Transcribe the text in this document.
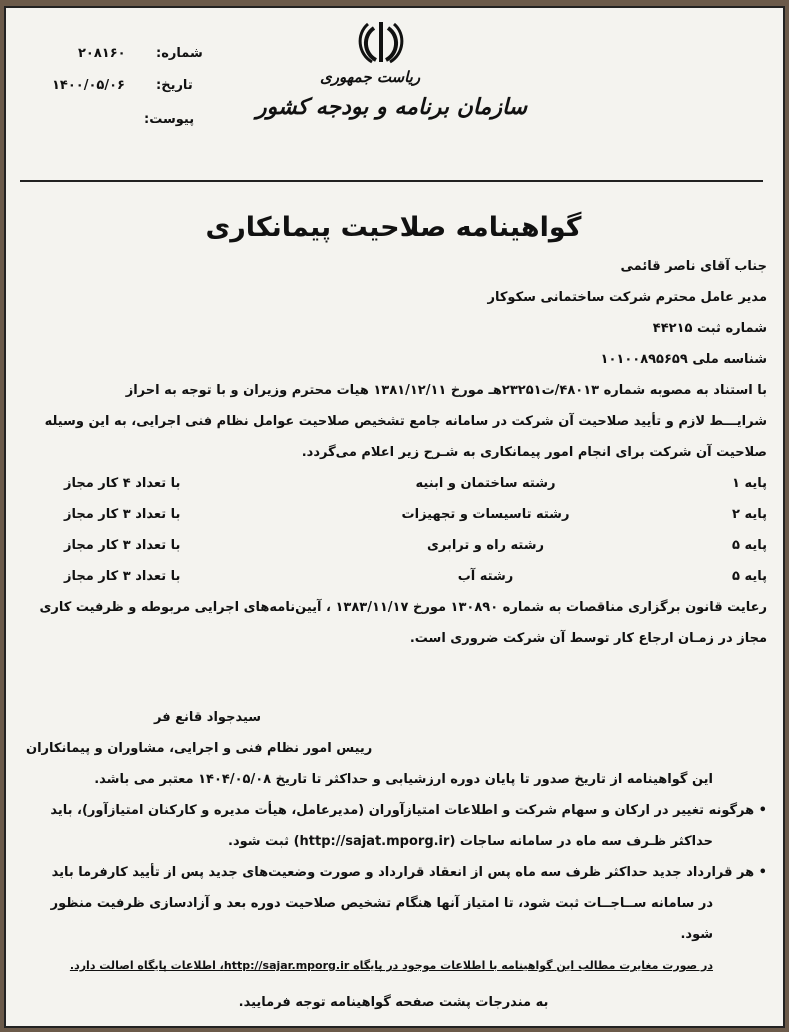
ریاست جمهوری
سازمان برنامه و بودجه کشور
شماره:
۲۰۸۱۶۰
تاریخ:
۱۴۰۰/۰۵/۰۶
پیوست:
گواهینامه صلاحیت پیمانکاری
جناب آقای ناصر قائمی
مدیر عامل محترم شرکت ساختمانی سکوکار
شماره ثبت ۴۴۲۱۵
شناسه ملی ۱۰۱۰۰۸۹۵۶۵۹
با استناد به مصوبه شماره ۴۸۰۱۳/ت۲۳۲۵۱هـ مورخ ۱۳۸۱/۱۲/۱۱ هیات محترم وزیران و با توجه به احراز
شرایـــط لازم و تأیید صلاحیت آن شرکت در سامانه جامع تشخیص صلاحیت عوامل نظام فنی اجرایی، به این وسیله
صلاحیت آن شرکت برای انجام امور پیمانکاری به شـرح زیر اعلام می‌گردد.
پایه ۱
رشته ساختمان و ابنیه
با تعداد ۴ کار مجاز
پایه ۲
رشته تاسیسات و تجهیزات
با تعداد ۳ کار مجاز
پایه ۵
رشته راه و ترابری
با تعداد ۳ کار مجاز
پایه ۵
رشته آب
با تعداد ۳ کار مجاز
رعایت قانون برگزاری مناقصات به شماره ۱۳۰۸۹۰ مورخ ۱۳۸۳/۱۱/۱۷ ، آیین‌نامه‌های اجرایی مربوطه و ظرفیت کاری
مجاز در زمـان ارجاع کار توسط آن شرکت ضروری است.
سیدجواد قانع فر
رییس امور نظام فنی و اجرایی، مشاوران و پیمانکاران
این گواهینامه از تاریخ صدور تا پایان دوره ارزشیابی و حداکثر تا تاریخ ۱۴۰۴/۰۵/۰۸ معتبر می باشد.
• هرگونه تغییر در ارکان و سهام شرکت و اطلاعات امتیازآوران (مدیرعامل، هیأت مدیره و کارکنان امتیازآور)، باید
حداکثر ظـرف سه ماه در سامانه ساجات (http://sajat.mporg.ir) ثبت شود.
• هر قرارداد جدید حداکثر ظرف سه ماه پس از انعقاد قرارداد و صورت وضعیت‌های جدید پس از تأیید کارفرما باید
در سامانه ســاجــات ثبت شود، تا امتیاز آنها هنگام تشخیص صلاحیت دوره بعد و آزادسازی ظرفیت منظور شود.
در صورت مغایرت مطالب این گواهینامه با اطلاعات موجود در پایگاه http://sajar.mporg.ir، اطلاعات پایگاه اصالت دارد.
به مندرجات پشت صفحه گواهینامه توجه فرمایید.
